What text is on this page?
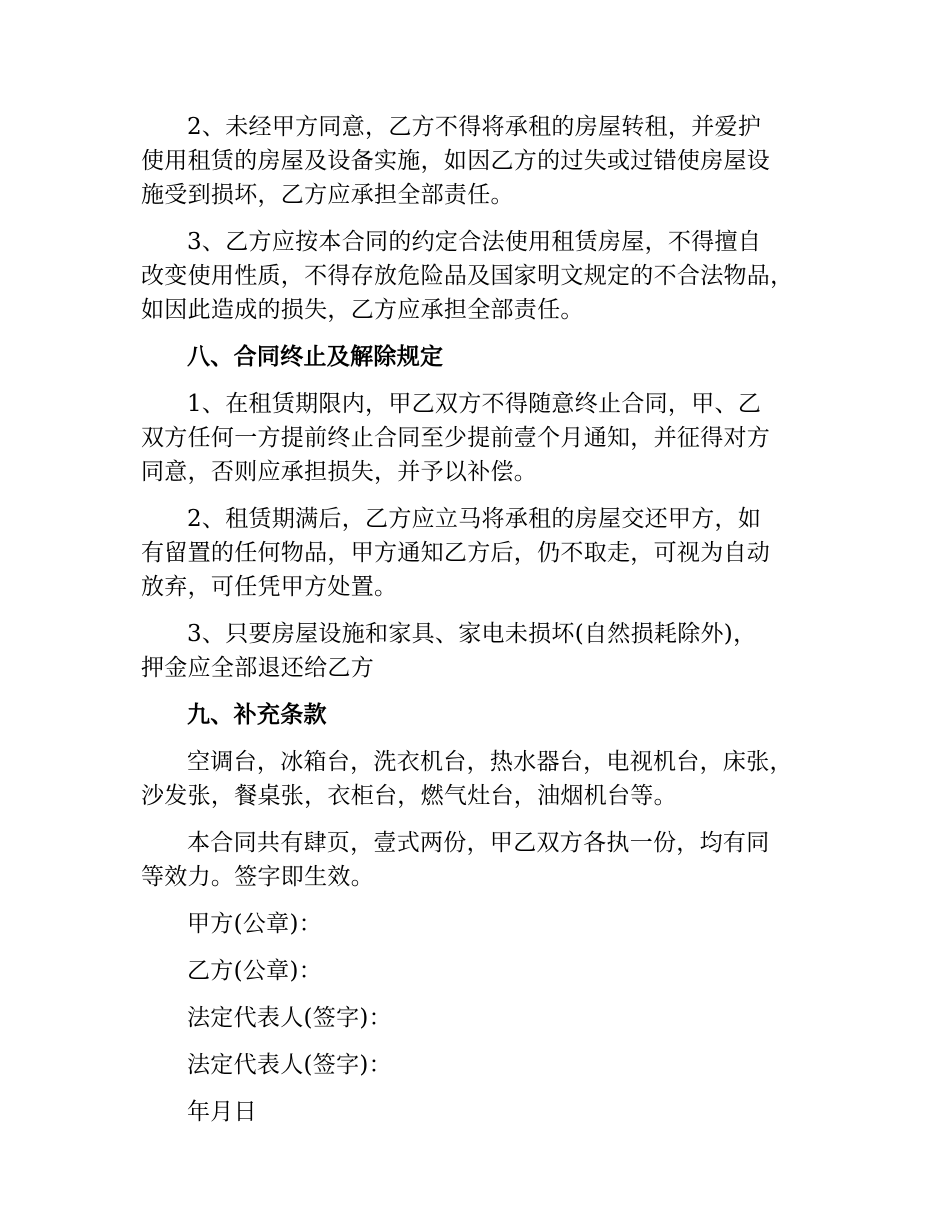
2、未经甲方同意，乙方不得将承租的房屋转租，并爱护
使用租赁的房屋及设备实施，如因乙方的过失或过错使房屋设
施受到损坏，乙方应承担全部责任。

3、乙方应按本合同的约定合法使用租赁房屋，不得擅自
改变使用性质，不得存放危险品及国家明文规定的不合法物品，
如因此造成的损失，乙方应承担全部责任。

八、合同终止及解除规定

1、在租赁期限内，甲乙双方不得随意终止合同，甲、乙
双方任何一方提前终止合同至少提前壹个月通知，并征得对方
同意，否则应承担损失，并予以补偿。

2、租赁期满后，乙方应立马将承租的房屋交还甲方，如
有留置的任何物品，甲方通知乙方后，仍不取走，可视为自动
放弃，可任凭甲方处置。

3、只要房屋设施和家具、家电未损坏(自然损耗除外)，
押金应全部退还给乙方

九、补充条款

空调台，冰箱台，洗衣机台，热水器台，电视机台，床张，
沙发张，餐桌张，衣柜台，燃气灶台，油烟机台等。

本合同共有肆页，壹式两份，甲乙双方各执一份，均有同
等效力。签字即生效。

甲方(公章)：

乙方(公章)：

法定代表人(签字)：

法定代表人(签字)：

年月日
